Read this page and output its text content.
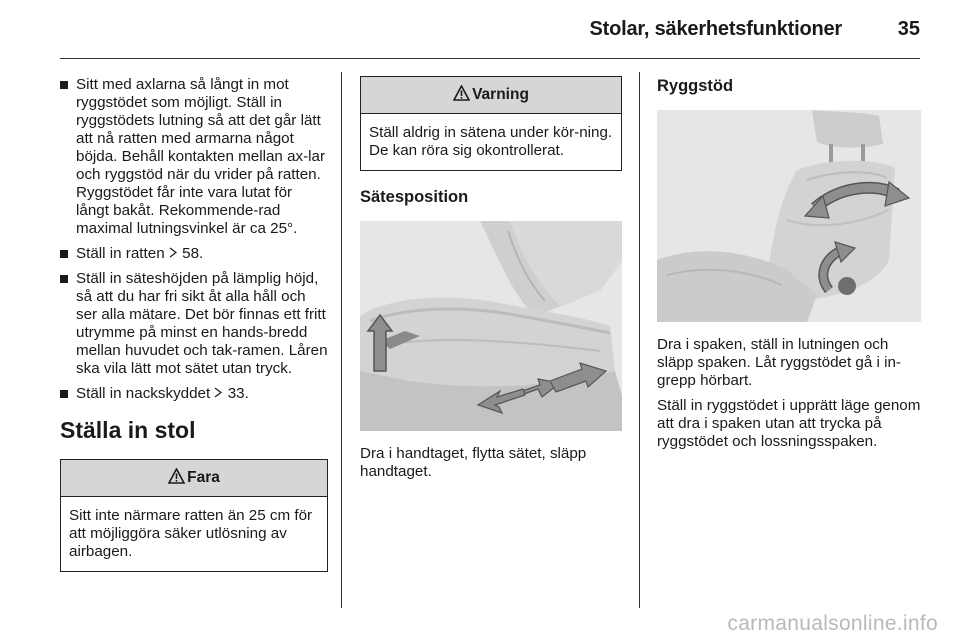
Stolar, säkerhetsfunktioner	35
Sitt med axlarna så långt in mot ryggstödet som möjligt. Ställ in ryggstödets lutning så att det går lätt att nå ratten med armarna något böjda. Behåll kontakten mellan ax-lar och ryggstöd när du vrider på ratten. Ryggstödet får inte vara lutat för långt bakåt. Rekommende-rad maximal lutningsvinkel är ca 25°.
Ställ in ratten 58.
Ställ in säteshöjden på lämplig höjd, så att du har fri sikt åt alla håll och ser alla mätare. Det bör finnas ett fritt utrymme på minst en hands-bredd mellan huvudet och tak-ramen. Låren ska vila lätt mot sätet utan tryck.
Ställ in nackskyddet 33.
Ställa in stol
Fara
Sitt inte närmare ratten än 25 cm för att möjliggöra säker utlösning av airbagen.
Varning
Ställ aldrig in sätena under kör-ning. De kan röra sig okontrollerat.
Sätesposition
Dra i handtaget, flytta sätet, släpp handtaget.
Ryggstöd
Dra i spaken, ställ in lutningen och släpp spaken. Låt ryggstödet gå i in-grepp hörbart.
Ställ in ryggstödet i upprätt läge genom att dra i spaken utan att trycka på ryggstödet och lossningsspaken.
carmanualsonline.info
